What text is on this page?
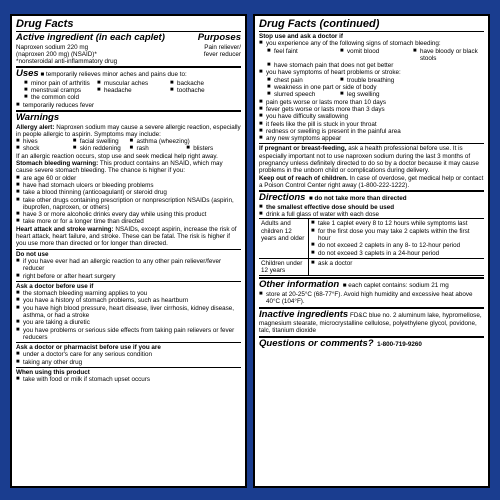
Drug Facts
Active ingredient (in each caplet)	Purposes
Naproxen sodium 220 mg	Pain reliever/
(naproxen 200 mg) (NSAID)*	fever reducer
*nonsteroidal anti-inflammatory drug
Uses ■ temporarily relieves minor aches and pains due to:
■ minor pain of arthritis ■ muscular aches	■ backache
■ menstrual cramps	■ headache	■ toothache
■ the common cold
■ temporarily reduces fever
Warnings
Allergy alert: Naproxen sodium may cause a severe allergic reaction, especially in people allergic to aspirin. Symptoms may include:
■ hives	■ facial swelling ■ asthma (wheezing)
■ shock	■ skin reddening ■ rash	■ blisters
If an allergic reaction occurs, stop use and seek medical help right away.
Stomach bleeding warning: This product contains an NSAID, which may cause severe stomach bleeding. The chance is higher if you:
■ are age 60 or older
■ have had stomach ulcers or bleeding problems
■ take a blood thinning (anticoagulant) or steroid drug
■ take other drugs containing prescription or nonprescription NSAIDs (aspirin, ibuprofen, naproxen, or others)
■ have 3 or more alcoholic drinks every day while using this product
■ take more or for a longer time than directed
Heart attack and stroke warning: NSAIDs, except aspirin, increase the risk of heart attack, heart failure, and stroke. These can be fatal. The risk is higher if you use more than directed or for longer than directed.
Do not use
■ if you have ever had an allergic reaction to any other pain reliever/fever reducer
■ right before or after heart surgery
Ask a doctor before use if
■ the stomach bleeding warning applies to you
■ you have a history of stomach problems, such as heartburn
■ you have high blood pressure, heart disease, liver cirrhosis, kidney disease, asthma, or had a stroke
■ you are taking a diuretic
■ you have problems or serious side effects from taking pain relievers or fever reducers
Ask a doctor or pharmacist before use if you are
■ under a doctor's care for any serious condition
■ taking any other drug
When using this product
■ take with food or milk if stomach upset occurs
Drug Facts (continued)
Stop use and ask a doctor if
■ you experience any of the following signs of stomach bleeding:
■ feel faint	■ vomit blood	■ have bloody or black stools
■ have stomach pain that does not get better
■ you have symptoms of heart problems or stroke:
■ chest pain	■ trouble breathing
■ weakness in one part or side of body
■ slurred speech	■ leg swelling
■ pain gets worse or lasts more than 10 days
■ fever gets worse or lasts more than 3 days
■ you have difficulty swallowing
■ it feels like the pill is stuck in your throat
■ redness or swelling is present in the painful area
■ any new symptoms appear
If pregnant or breast-feeding, ask a health professional before use. It is especially important not to use naproxen sodium during the last 3 months of pregnancy unless definitely directed to do so by a doctor because it may cause problems in the unborn child or complications during delivery.
Keep out of reach of children. In case of overdose, get medical help or contact a Poison Control Center right away (1-800-222-1222).
Directions  ■ do not take more than directed
■ the smallest effective dose should be used
■ drink a full glass of water with each dose
Adults and children 12 years and older
■ take 1 caplet every 8 to 12 hours while symptoms last
■ for the first dose you may take 2 caplets within the first hour
■ do not exceed 2 caplets in any 8- to 12-hour period
■ do not exceed 3 caplets in a 24-hour period
Children under 12 years
■ ask a doctor
Other information  ■ each caplet contains: sodium 21 mg
■ store at 20-25°C (68-77°F). Avoid high humidity and excessive heat above 40°C (104°F).
Inactive ingredients FD&C blue no. 2 aluminum lake, hypromellose, magnesium stearate, microcrystalline cellulose, polyethylene glycol, povidone, talc, titanium dioxide
Questions or comments? 1-800-719-9260
